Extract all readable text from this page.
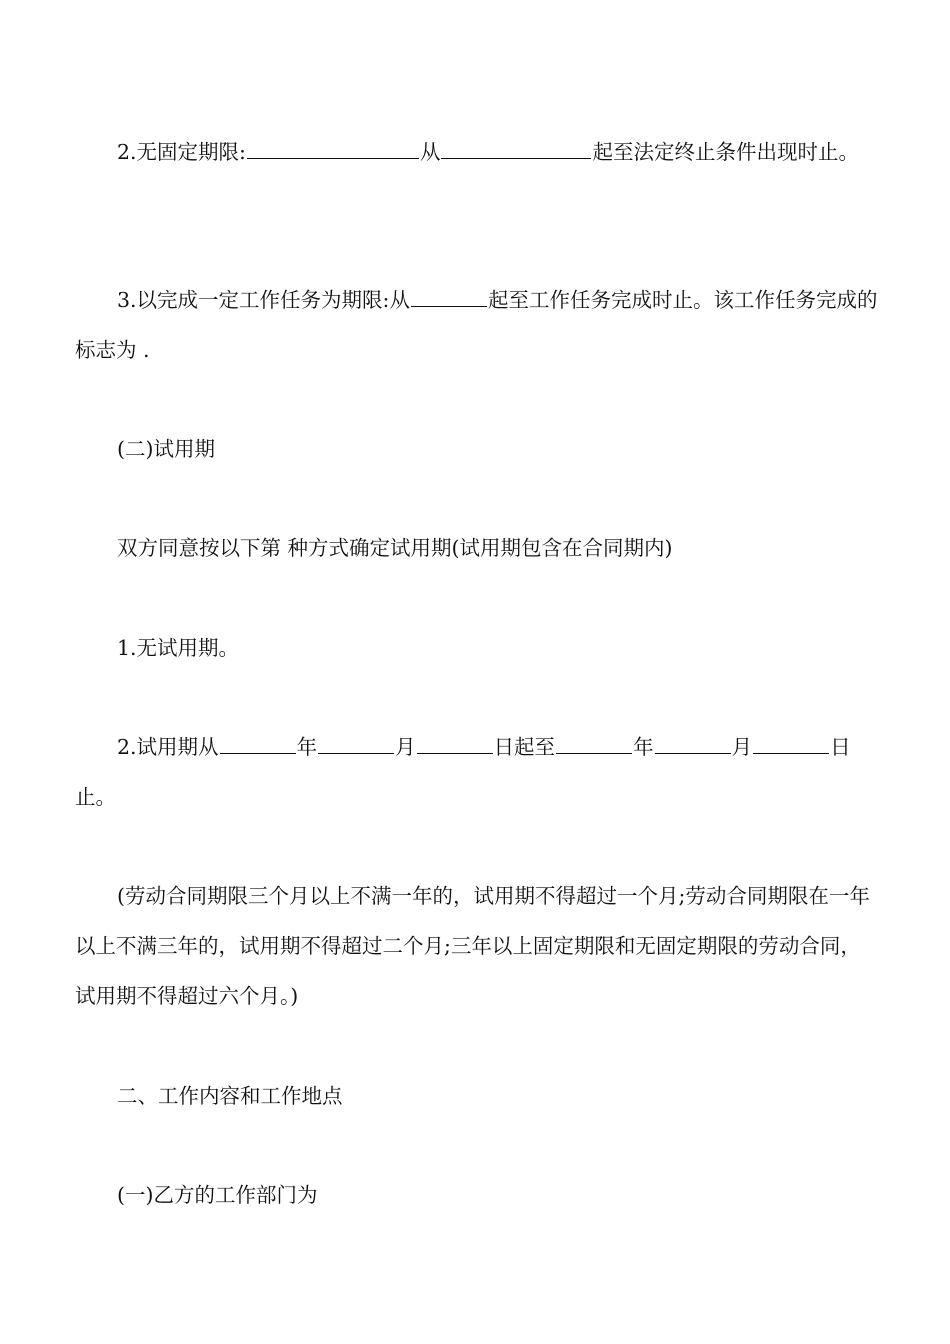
2.无固定期限:	从	起至法定终止条件出现时止。

3.以完成一定工作任务为期限:从	起至工作任务完成时止。该工作任务完成的标志为 .

(二)试用期

双方同意按以下第 种方式确定试用期(试用期包含在合同期内)

1.无试用期。

2.试用期从	年	月	日起至	年	月	日止。

(劳动合同期限三个月以上不满一年的，试用期不得超过一个月;劳动合同期限在一年以上不满三年的，试用期不得超过二个月;三年以上固定期限和无固定期限的劳动合同，试用期不得超过六个月。)

二、工作内容和工作地点

(一)乙方的工作部门为
